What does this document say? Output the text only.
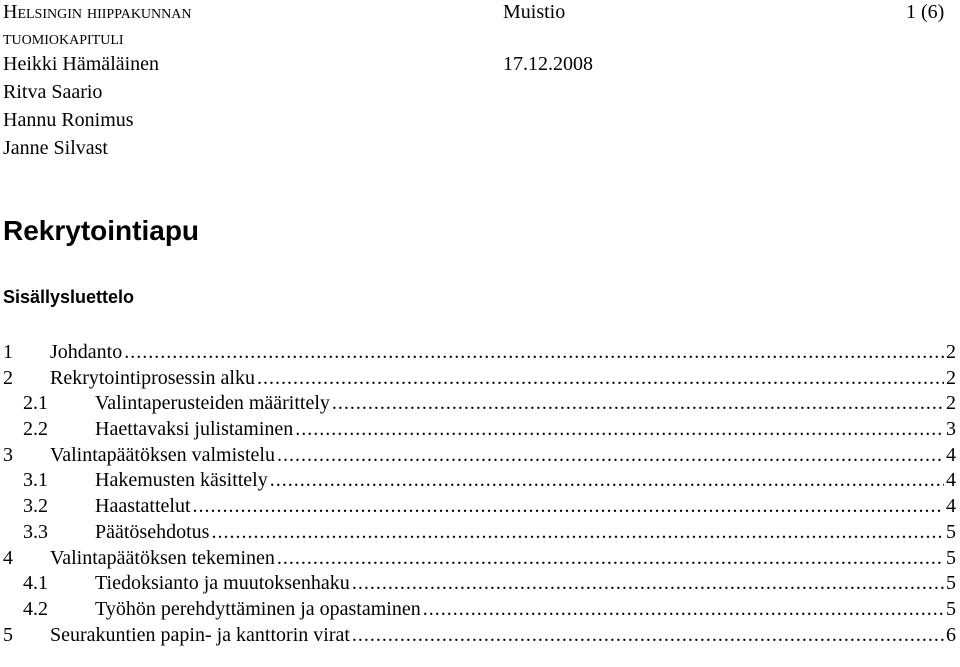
Helsingin hiippakunnan
tuomiokapituli
Muistio	1 (6)
17.12.2008
Heikki Hämäläinen
Ritva Saario
Hannu Ronimus
Janne Silvast
Rekrytointiapu
Sisällysluettelo
1	Johdanto .....	2
2	Rekrytointiprosessin alku .....	2
2.1	Valintaperusteiden määrittely .....	2
2.2	Haettavaksi julistaminen .....	3
3	Valintapäätöksen valmistelu .....	4
3.1	Hakemusten käsittely .....	4
3.2	Haastattelut .....	4
3.3	Päätösehdotus .....	5
4	Valintapäätöksen tekeminen .....	5
4.1	Tiedoksianto ja muutoksenhaku .....	5
4.2	Työhön perehdyttäminen ja opastaminen .....	5
5	Seurakuntien papin- ja kanttorin virat .....	6
